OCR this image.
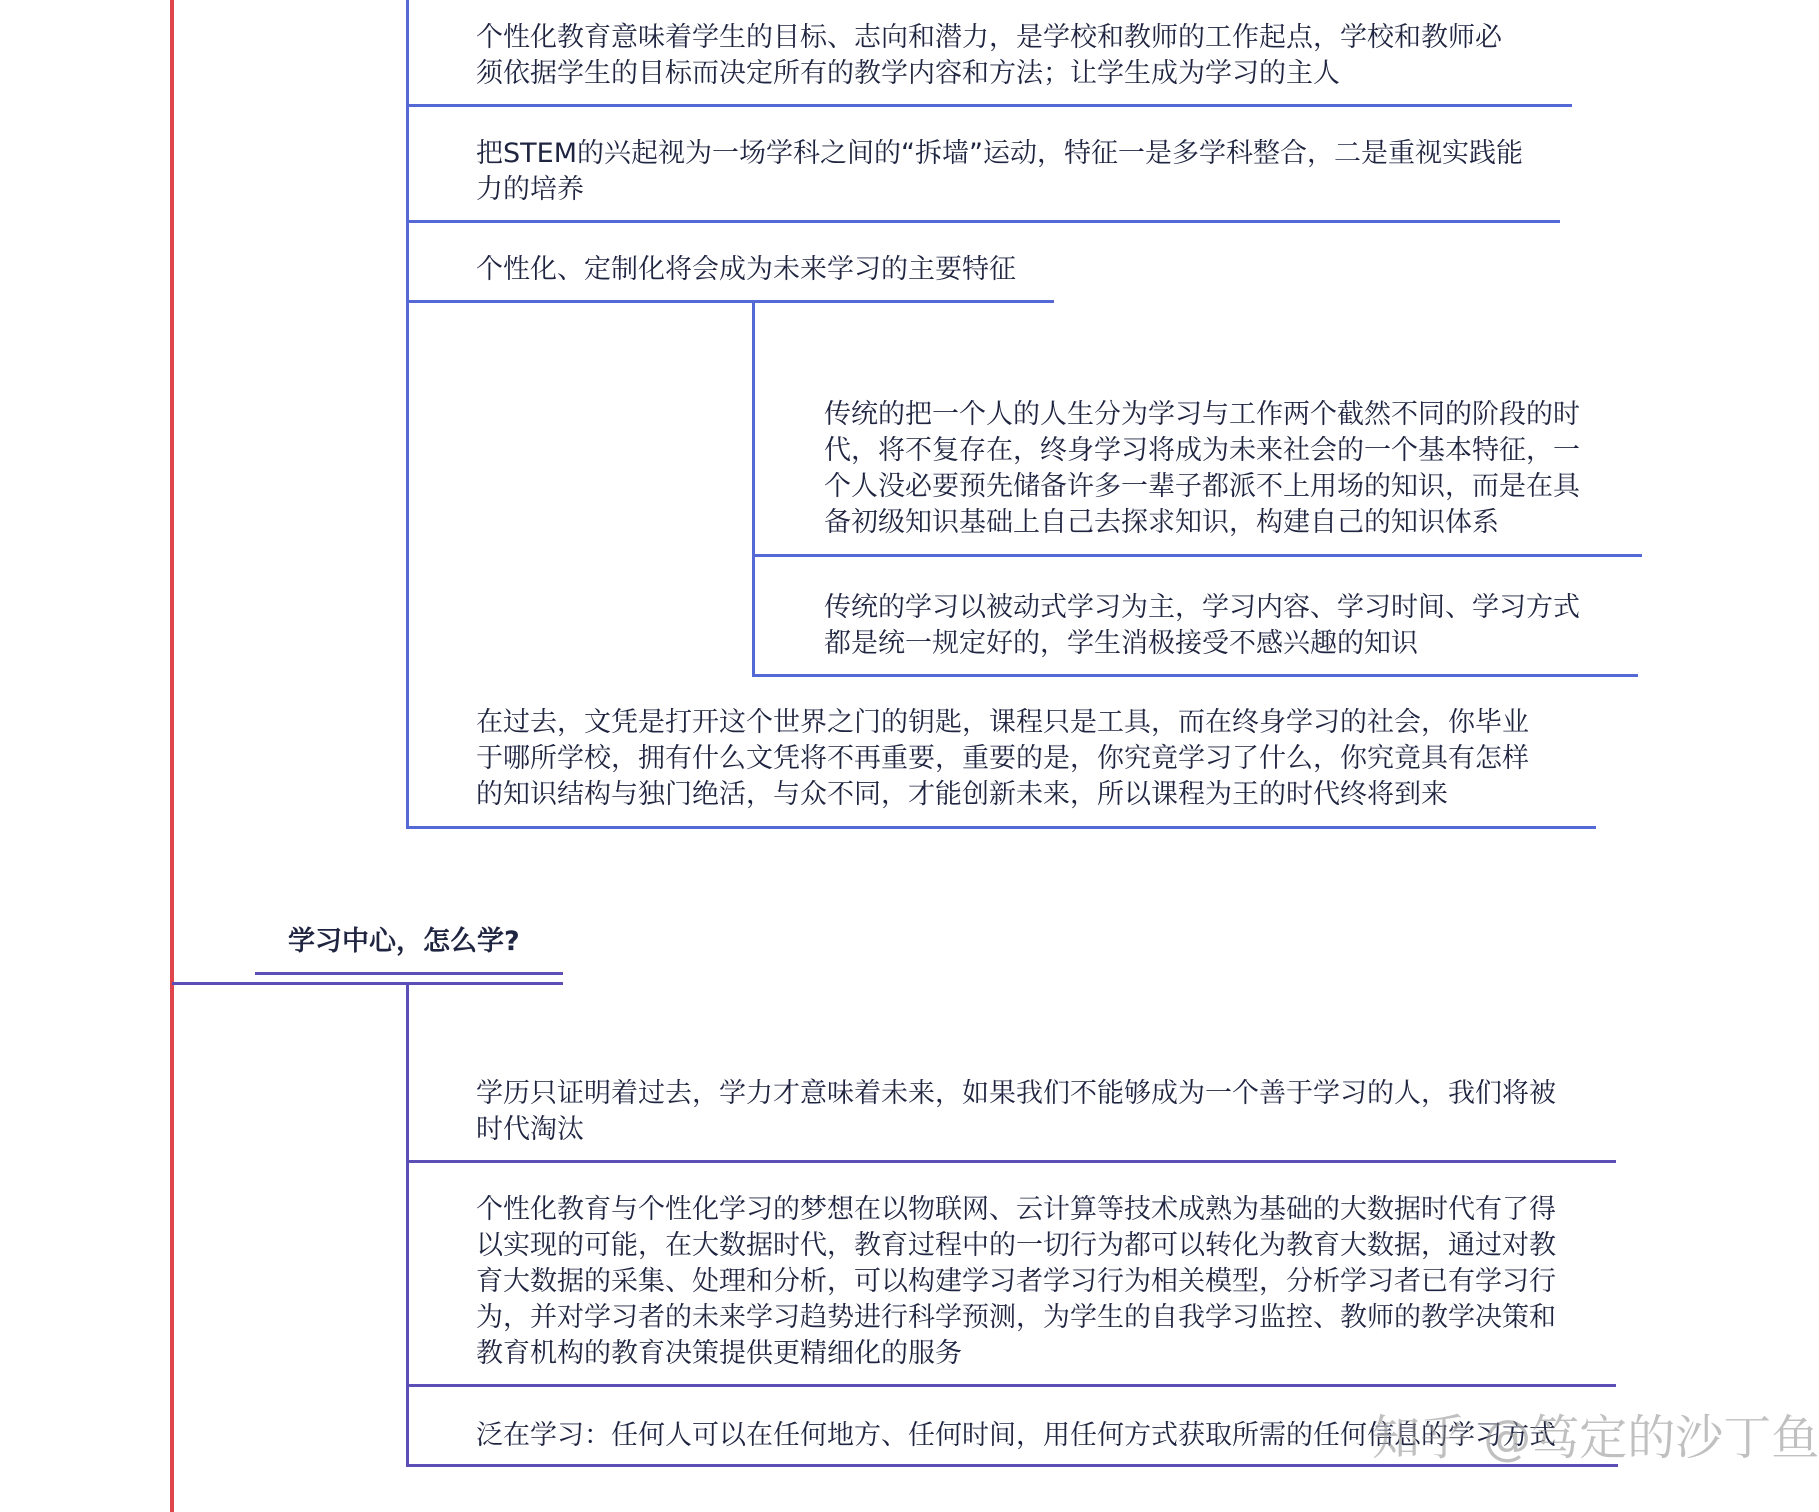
个性化教育意味着学生的目标、志向和潜力，是学校和教师的工作起点，学校和教师必
须依据学生的目标而决定所有的教学内容和方法；让学生成为学习的主人
把STEM的兴起视为一场学科之间的“拆墙”运动，特征一是多学科整合，二是重视实践能
力的培养
个性化、定制化将会成为未来学习的主要特征
传统的把一个人的人生分为学习与工作两个截然不同的阶段的时
代，将不复存在，终身学习将成为未来社会的一个基本特征，一
个人没必要预先储备许多一辈子都派不上用场的知识，而是在具
备初级知识基础上自己去探求知识，构建自己的知识体系
传统的学习以被动式学习为主，学习内容、学习时间、学习方式
都是统一规定好的，学生消极接受不感兴趣的知识
在过去，文凭是打开这个世界之门的钥匙，课程只是工具，而在终身学习的社会，你毕业
于哪所学校，拥有什么文凭将不再重要，重要的是，你究竟学习了什么，你究竟具有怎样
的知识结构与独门绝活，与众不同，才能创新未来，所以课程为王的时代终将到来
学习中心，怎么学?
学历只证明着过去，学力才意味着未来，如果我们不能够成为一个善于学习的人，我们将被
时代淘汰
个性化教育与个性化学习的梦想在以物联网、云计算等技术成熟为基础的大数据时代有了得
以实现的可能，在大数据时代，教育过程中的一切行为都可以转化为教育大数据，通过对教
育大数据的采集、处理和分析，可以构建学习者学习行为相关模型，分析学习者已有学习行
为，并对学习者的未来学习趋势进行科学预测，为学生的自我学习监控、教师的教学决策和
教育机构的教育决策提供更精细化的服务
泛在学习：任何人可以在任何地方、任何时间，用任何方式获取所需的任何信息的学习方式
知乎 @笃定的沙丁鱼
